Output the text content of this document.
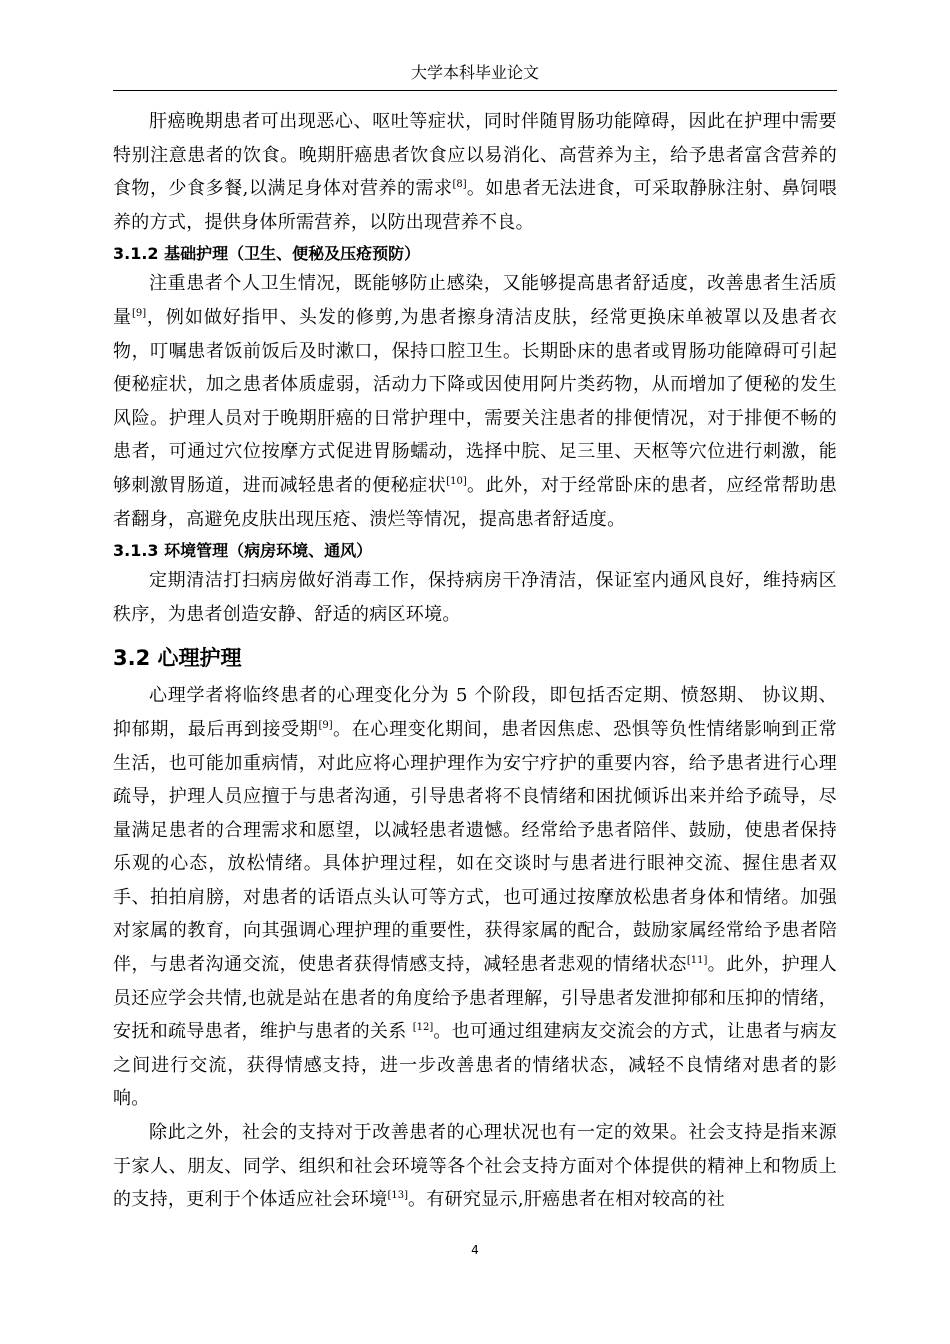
大学本科毕业论文

肝癌晚期患者可出现恶心、呕吐等症状，同时伴随胃肠功能障碍，因此在护理中需要特别注意患者的饮食。晚期肝癌患者饮食应以易消化、高营养为主，给予患者富含营养的食物，少食多餐,以满足身体对营养的需求[8]。如患者无法进食，可采取静脉注射、鼻饲喂养的方式，提供身体所需营养，以防出现营养不良。

3.1.2 基础护理（卫生、便秘及压疮预防）

注重患者个人卫生情况，既能够防止感染，又能够提高患者舒适度，改善患者生活质量[9]，例如做好指甲、头发的修剪,为患者擦身清洁皮肤，经常更换床单被罩以及患者衣物，叮嘱患者饭前饭后及时漱口，保持口腔卫生。长期卧床的患者或胃肠功能障碍可引起便秘症状，加之患者体质虚弱，活动力下降或因使用阿片类药物，从而增加了便秘的发生风险。护理人员对于晚期肝癌的日常护理中，需要关注患者的排便情况，对于排便不畅的患者，可通过穴位按摩方式促进胃肠蠕动，选择中脘、足三里、天枢等穴位进行刺激，能够刺激胃肠道，进而减轻患者的便秘症状[10]。此外，对于经常卧床的患者，应经常帮助患者翻身，高避免皮肤出现压疮、溃烂等情况，提高患者舒适度。

3.1.3 环境管理（病房环境、通风）

定期清洁打扫病房做好消毒工作，保持病房干净清洁，保证室内通风良好，维持病区秩序，为患者创造安静、舒适的病区环境。

3.2 心理护理

心理学者将临终患者的心理变化分为 5 个阶段，即包括否定期、愤怒期、 协议期、抑郁期，最后再到接受期[9]。在心理变化期间，患者因焦虑、恐惧等负性情绪影响到正常生活，也可能加重病情，对此应将心理护理作为安宁疗护的重要内容，给予患者进行心理疏导，护理人员应擅于与患者沟通，引导患者将不良情绪和困扰倾诉出来并给予疏导，尽量满足患者的合理需求和愿望，以减轻患者遗憾。经常给予患者陪伴、鼓励，使患者保持乐观的心态，放松情绪。具体护理过程，如在交谈时与患者进行眼神交流、握住患者双手、拍拍肩膀，对患者的话语点头认可等方式，也可通过按摩放松患者身体和情绪。加强对家属的教育，向其强调心理护理的重要性，获得家属的配合，鼓励家属经常给予患者陪伴，与患者沟通交流，使患者获得情感支持，减轻患者悲观的情绪状态[11]。此外，护理人员还应学会共情,也就是站在患者的角度给予患者理解，引导患者发泄抑郁和压抑的情绪，安抚和疏导患者，维护与患者的关系 [12]。也可通过组建病友交流会的方式，让患者与病友之间进行交流，获得情感支持，进一步改善患者的情绪状态，减轻不良情绪对患者的影响。

除此之外，社会的支持对于改善患者的心理状况也有一定的效果。社会支持是指来源于家人、朋友、同学、组织和社会环境等各个社会支持方面对个体提供的精神上和物质上的支持，更利于个体适应社会环境[13]。有研究显示,肝癌患者在相对较高的社

4
